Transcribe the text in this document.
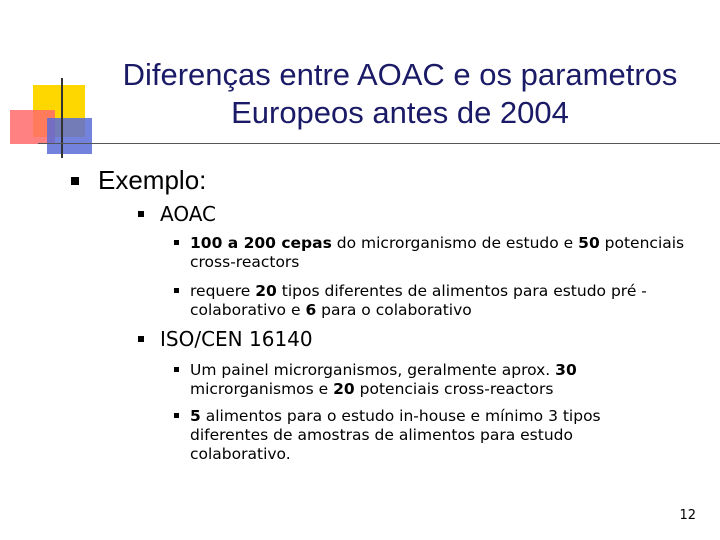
Diferenças entre AOAC e os parametros
Europeos antes de 2004
Exemplo:
AOAC
100 a 200 cepas do microrganismo de estudo e 50 potenciais cross-reactors
requere 20 tipos diferentes de alimentos para estudo pré -colaborativo e 6 para o colaborativo
ISO/CEN 16140
Um painel microrganismos, geralmente aprox. 30 microrganismos e 20 potenciais cross-reactors
5 alimentos para o estudo in-house e mínimo 3 tipos diferentes de amostras de alimentos para estudo colaborativo.
12
